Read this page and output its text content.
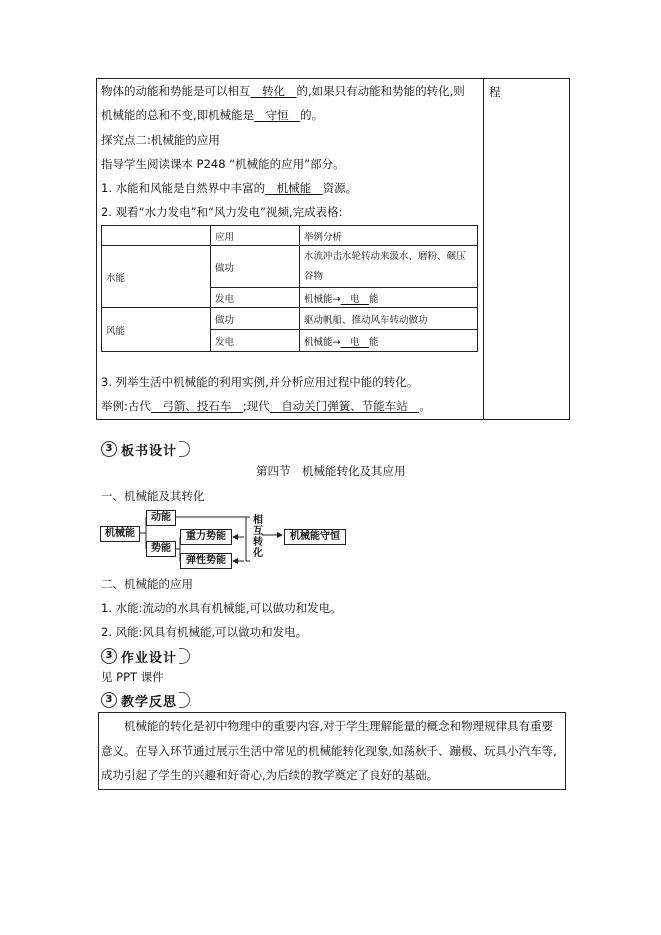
程
物体的动能和势能是可以相互　转化　的,如果只有动能和势能的转化,则
机械能的总和不变,即机械能是　守恒　的。
探究点二:机械能的应用
指导学生阅读课本 P248 “机械能的应用”部分。
1. 水能和风能是自然界中丰富的　机械能　资源。
2. 观看“水力发电”和“风力发电”视频,完成表格:
	应用	举例分析
水能	做功	水流冲击水轮转动来汲水、磨粉、碾压谷物
	发电	机械能→　电　能
风能	做功	驱动帆船、推动风车转动做功
	发电	机械能→　电　能
3. 列举生活中机械能的利用实例,并分析应用过程中能的转化。
举例:古代　弓箭、投石车　;现代　自动关门弹簧、节能车站　。
3 板书设计
第四节　机械能转化及其应用
一、机械能及其转化
机械能
动能
势能
重力势能
弹性势能
相
互
转
化
机械能守恒
二、机械能的应用
1. 水能:流动的水具有机械能,可以做功和发电。
2. 风能:风具有机械能,可以做功和发电。
3 作业设计
见 PPT 课件
3 教学反思
　　机械能的转化是初中物理中的重要内容,对于学生理解能量的概念和物理规律具有重要
意义。在导入环节通过展示生活中常见的机械能转化现象,如荡秋千、蹦极、玩具小汽车等,
成功引起了学生的兴趣和好奇心,为后续的教学奠定了良好的基础。
